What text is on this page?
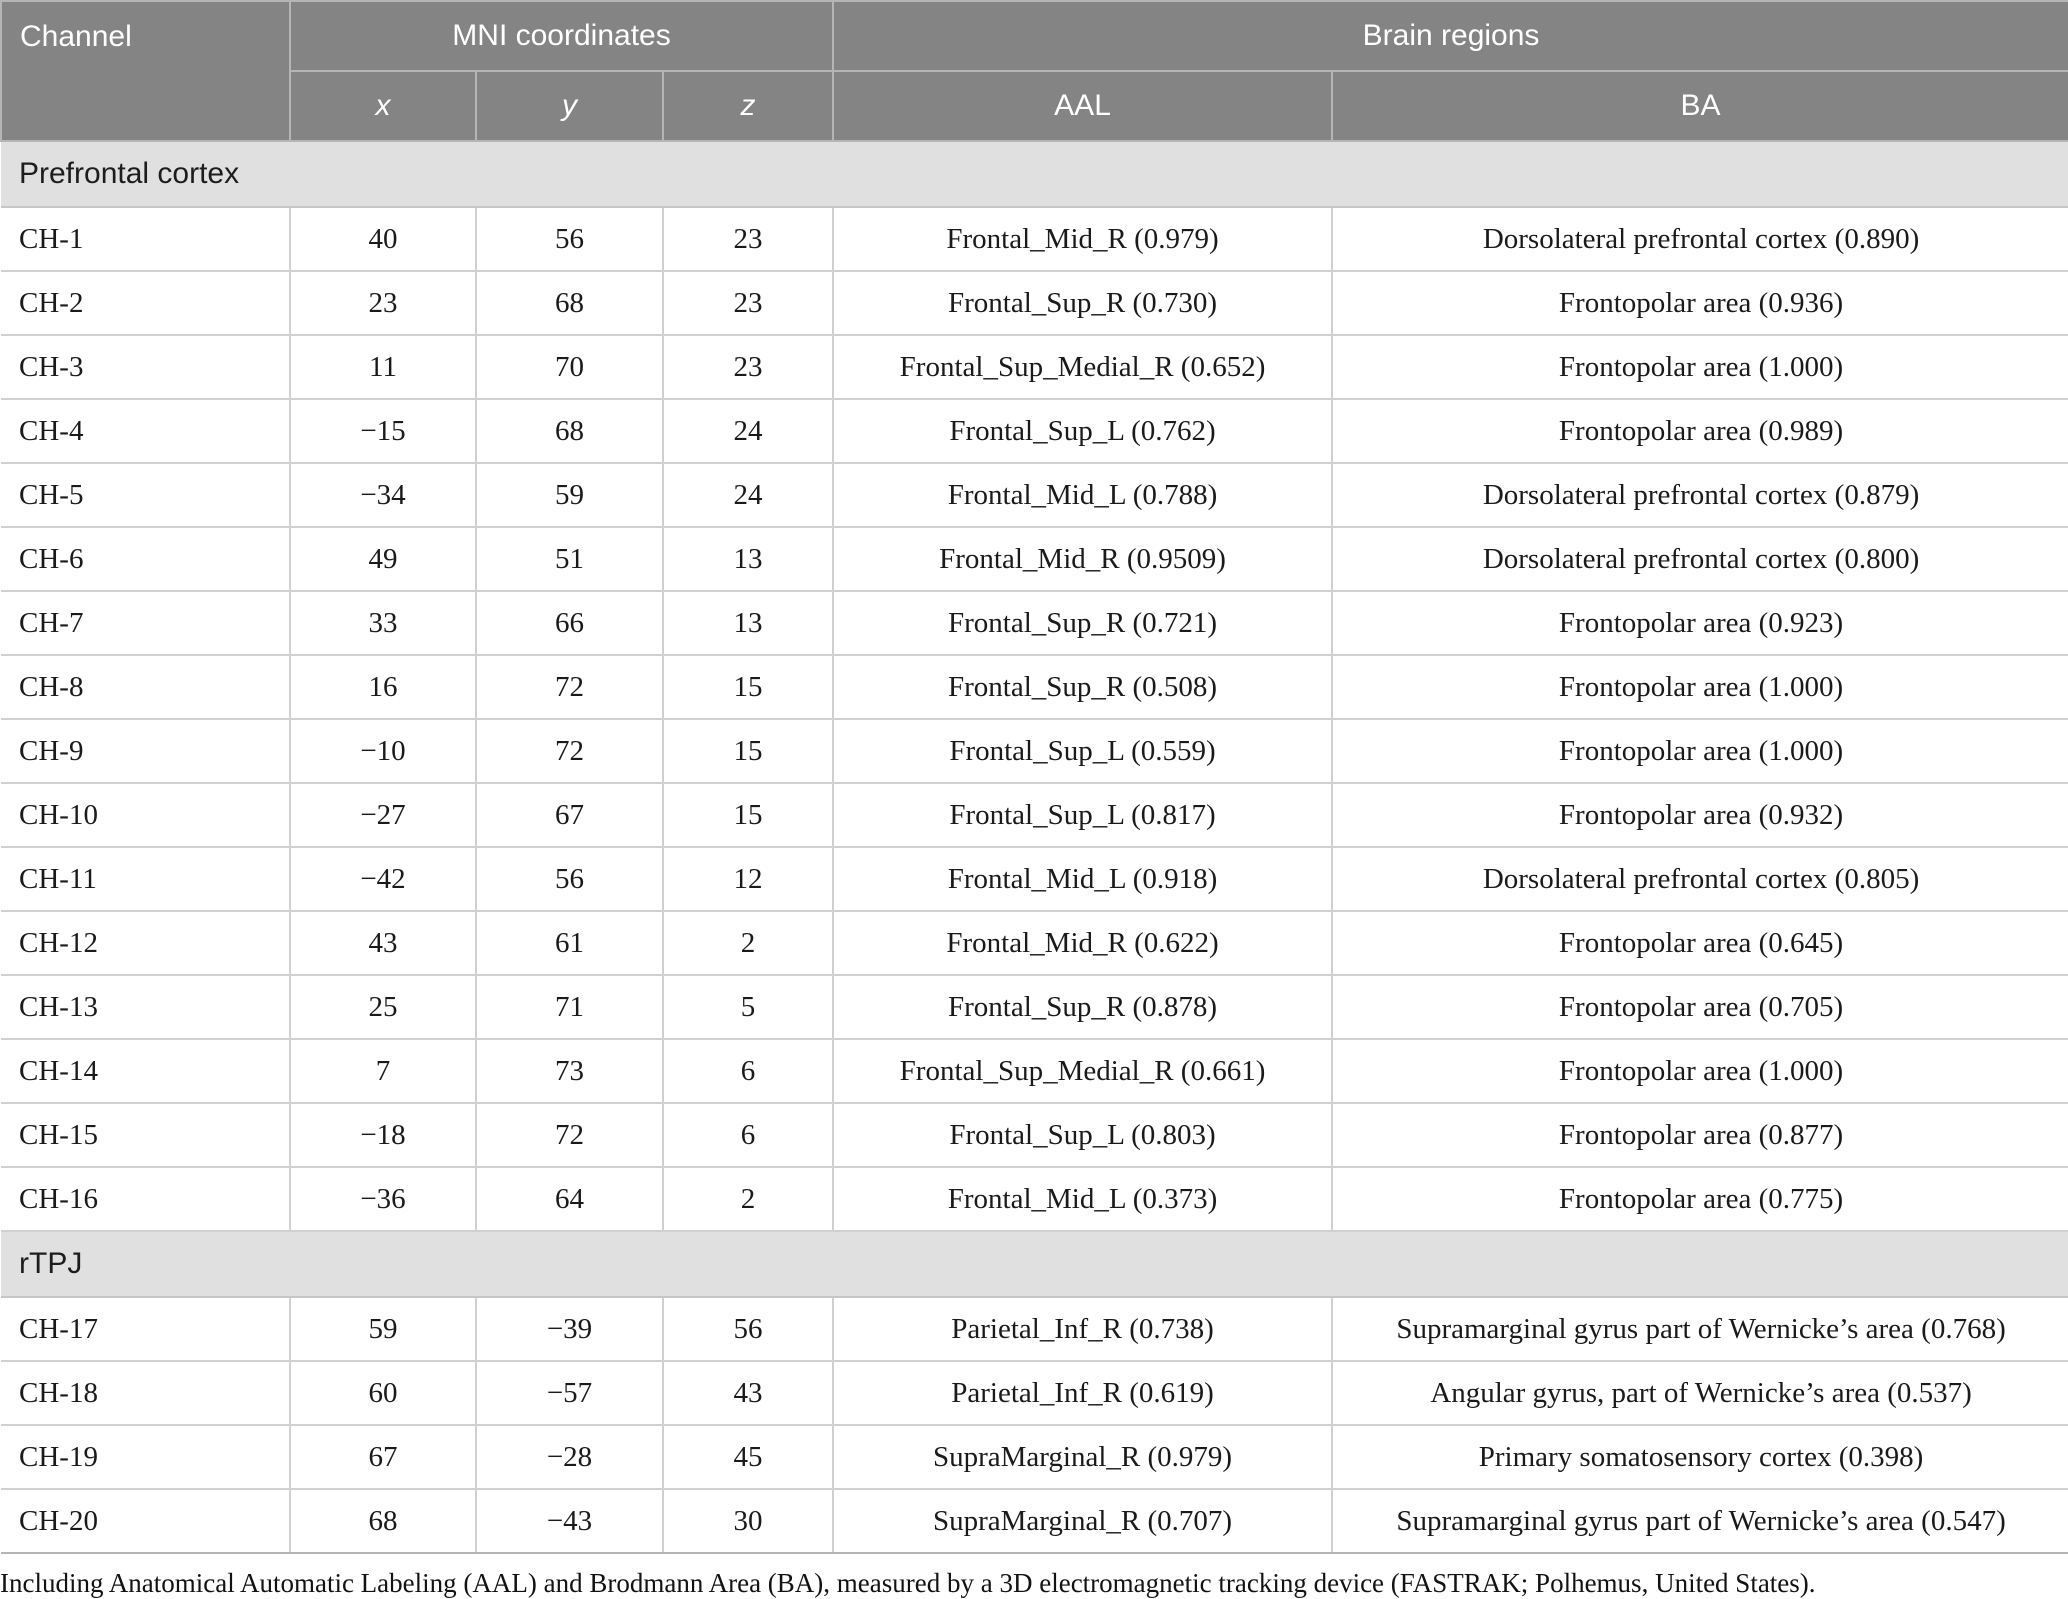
Channel	MNI coordinates			Brain regions	
	x	y	z	AAL	BA
Prefrontal cortex					
CH-1	40	56	23	Frontal_Mid_R (0.979)	Dorsolateral prefrontal cortex (0.890)
CH-2	23	68	23	Frontal_Sup_R (0.730)	Frontopolar area (0.936)
CH-3	11	70	23	Frontal_Sup_Medial_R (0.652)	Frontopolar area (1.000)
CH-4	−15	68	24	Frontal_Sup_L (0.762)	Frontopolar area (0.989)
CH-5	−34	59	24	Frontal_Mid_L (0.788)	Dorsolateral prefrontal cortex (0.879)
CH-6	49	51	13	Frontal_Mid_R (0.9509)	Dorsolateral prefrontal cortex (0.800)
CH-7	33	66	13	Frontal_Sup_R (0.721)	Frontopolar area (0.923)
CH-8	16	72	15	Frontal_Sup_R (0.508)	Frontopolar area (1.000)
CH-9	−10	72	15	Frontal_Sup_L (0.559)	Frontopolar area (1.000)
CH-10	−27	67	15	Frontal_Sup_L (0.817)	Frontopolar area (0.932)
CH-11	−42	56	12	Frontal_Mid_L (0.918)	Dorsolateral prefrontal cortex (0.805)
CH-12	43	61	2	Frontal_Mid_R (0.622)	Frontopolar area (0.645)
CH-13	25	71	5	Frontal_Sup_R (0.878)	Frontopolar area (0.705)
CH-14	7	73	6	Frontal_Sup_Medial_R (0.661)	Frontopolar area (1.000)
CH-15	−18	72	6	Frontal_Sup_L (0.803)	Frontopolar area (0.877)
CH-16	−36	64	2	Frontal_Mid_L (0.373)	Frontopolar area (0.775)
rTPJ					
CH-17	59	−39	56	Parietal_Inf_R (0.738)	Supramarginal gyrus part of Wernicke’s area (0.768)
CH-18	60	−57	43	Parietal_Inf_R (0.619)	Angular gyrus, part of Wernicke’s area (0.537)
CH-19	67	−28	45	SupraMarginal_R (0.979)	Primary somatosensory cortex (0.398)
CH-20	68	−43	30	SupraMarginal_R (0.707)	Supramarginal gyrus part of Wernicke’s area (0.547)

Including Anatomical Automatic Labeling (AAL) and Brodmann Area (BA), measured by a 3D electromagnetic tracking device (FASTRAK; Polhemus, United States).
